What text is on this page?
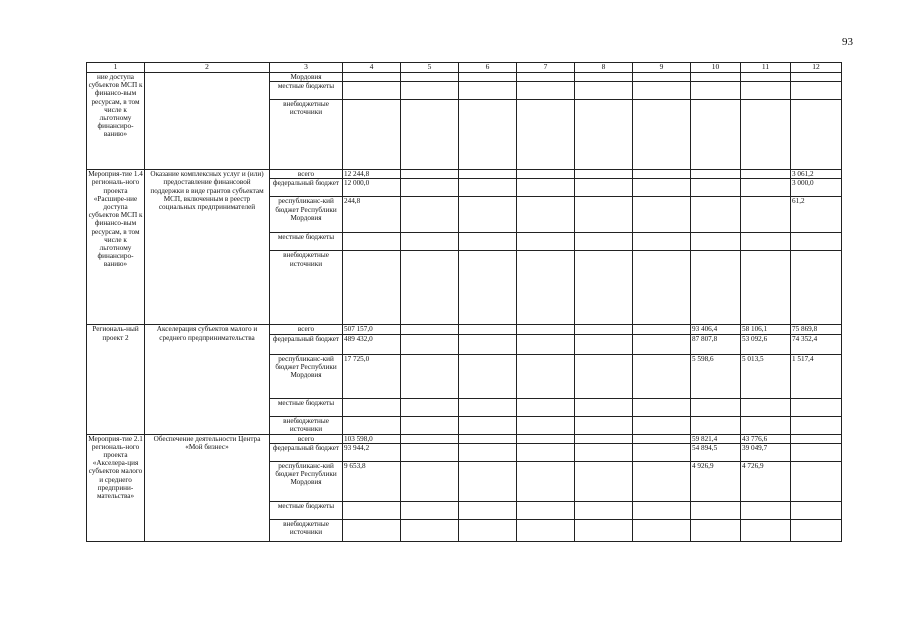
93
1	2	3	4	5	6	7	8	9	10	11	12
ние доступа субъектов МСП к финансо-вым ресурсам, в том числе к льготному финансиро-ванию»		Мордовия									
		местные бюджеты									
		внебюджетные источники									
Мероприя-тие 1.4 региональ-ного проекта «Расшире-ние доступа субъектов МСП к финансо-вым ресурсам, в том числе к льготному финансиро-ванию»	Оказание комплексных услуг и (или) предоставление финансовой поддержки в виде грантов субъектам МСП, включенным в реестр социальных предпринимателей	всего	12 244,8								3 061,2
		федеральный бюджет	12 000,0								3 000,0
		республиканс-кий бюджет Республики Мордовия	244,8								61,2
		местные бюджеты									
		внебюджетные источники									
Региональ-ный проект 2	Акселерация субъектов малого и среднего предпринимательства	всего	507 157,0						93 406,4	58 106,1	75 869,8
		федеральный бюджет	489 432,0						87 807,8	53 092,6	74 352,4
		республиканс-кий бюджет Республики Мордовия	17 725,0						5 598,6	5 013,5	1 517,4
		местные бюджеты									
		внебюджетные источники									
Мероприя-тие 2.1 региональ-ного проекта «Акселера-ция субъектов малого и среднего предприни-мательства»	Обеспечение деятельности Центра «Мой бизнес»	всего	103 598,0						59 821,4	43 776,6	
		федеральный бюджет	93 944,2						54 894,5	39 049,7	
		республиканс-кий бюджет Республики Мордовия	9 653,8						4 926,9	4 726,9	
		местные бюджеты									
		внебюджетные источники									
